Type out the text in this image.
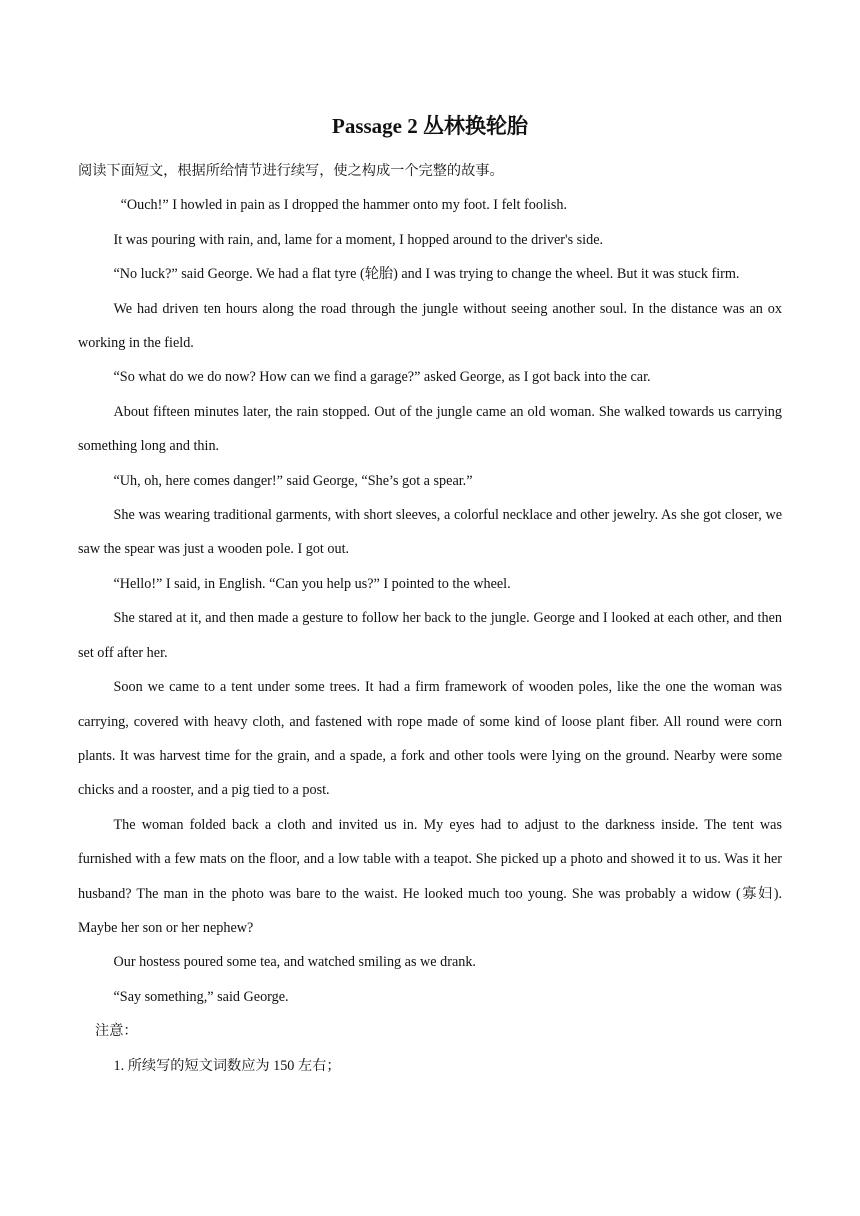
Passage 2 丛林换轮胎

阅读下面短文，根据所给情节进行续写，使之构成一个完整的故事。

“Ouch!” I howled in pain as I dropped the hammer onto my foot. I felt foolish.

It was pouring with rain, and, lame for a moment, I hopped around to the driver's side.

“No luck?” said George. We had a flat tyre (轮胎) and I was trying to change the wheel. But it was stuck firm.

We had driven ten hours along the road through the jungle without seeing another soul. In the distance was an ox working in the field.

“So what do we do now? How can we find a garage?” asked George, as I got back into the car.

About fifteen minutes later, the rain stopped. Out of the jungle came an old woman. She walked towards us carrying something long and thin.

“Uh, oh, here comes danger!” said George, “She’s got a spear.”

She was wearing traditional garments, with short sleeves, a colorful necklace and other jewelry. As she got closer, we saw the spear was just a wooden pole. I got out.

“Hello!” I said, in English. “Can you help us?” I pointed to the wheel.

She stared at it, and then made a gesture to follow her back to the jungle. George and I looked at each other, and then set off after her.

Soon we came to a tent under some trees. It had a firm framework of wooden poles, like the one the woman was carrying, covered with heavy cloth, and fastened with rope made of some kind of loose plant fiber. All round were corn plants. It was harvest time for the grain, and a spade, a fork and other tools were lying on the ground. Nearby were some chicks and a rooster, and a pig tied to a post.

The woman folded back a cloth and invited us in. My eyes had to adjust to the darkness inside. The tent was furnished with a few mats on the floor, and a low table with a teapot. She picked up a photo and showed it to us. Was it her husband? The man in the photo was bare to the waist. He looked much too young. She was probably a widow (寡妇). Maybe her son or her nephew?

Our hostess poured some tea, and watched smiling as we drank.

“Say something,” said George.

注意：

1. 所续写的短文词数应为 150 左右；
